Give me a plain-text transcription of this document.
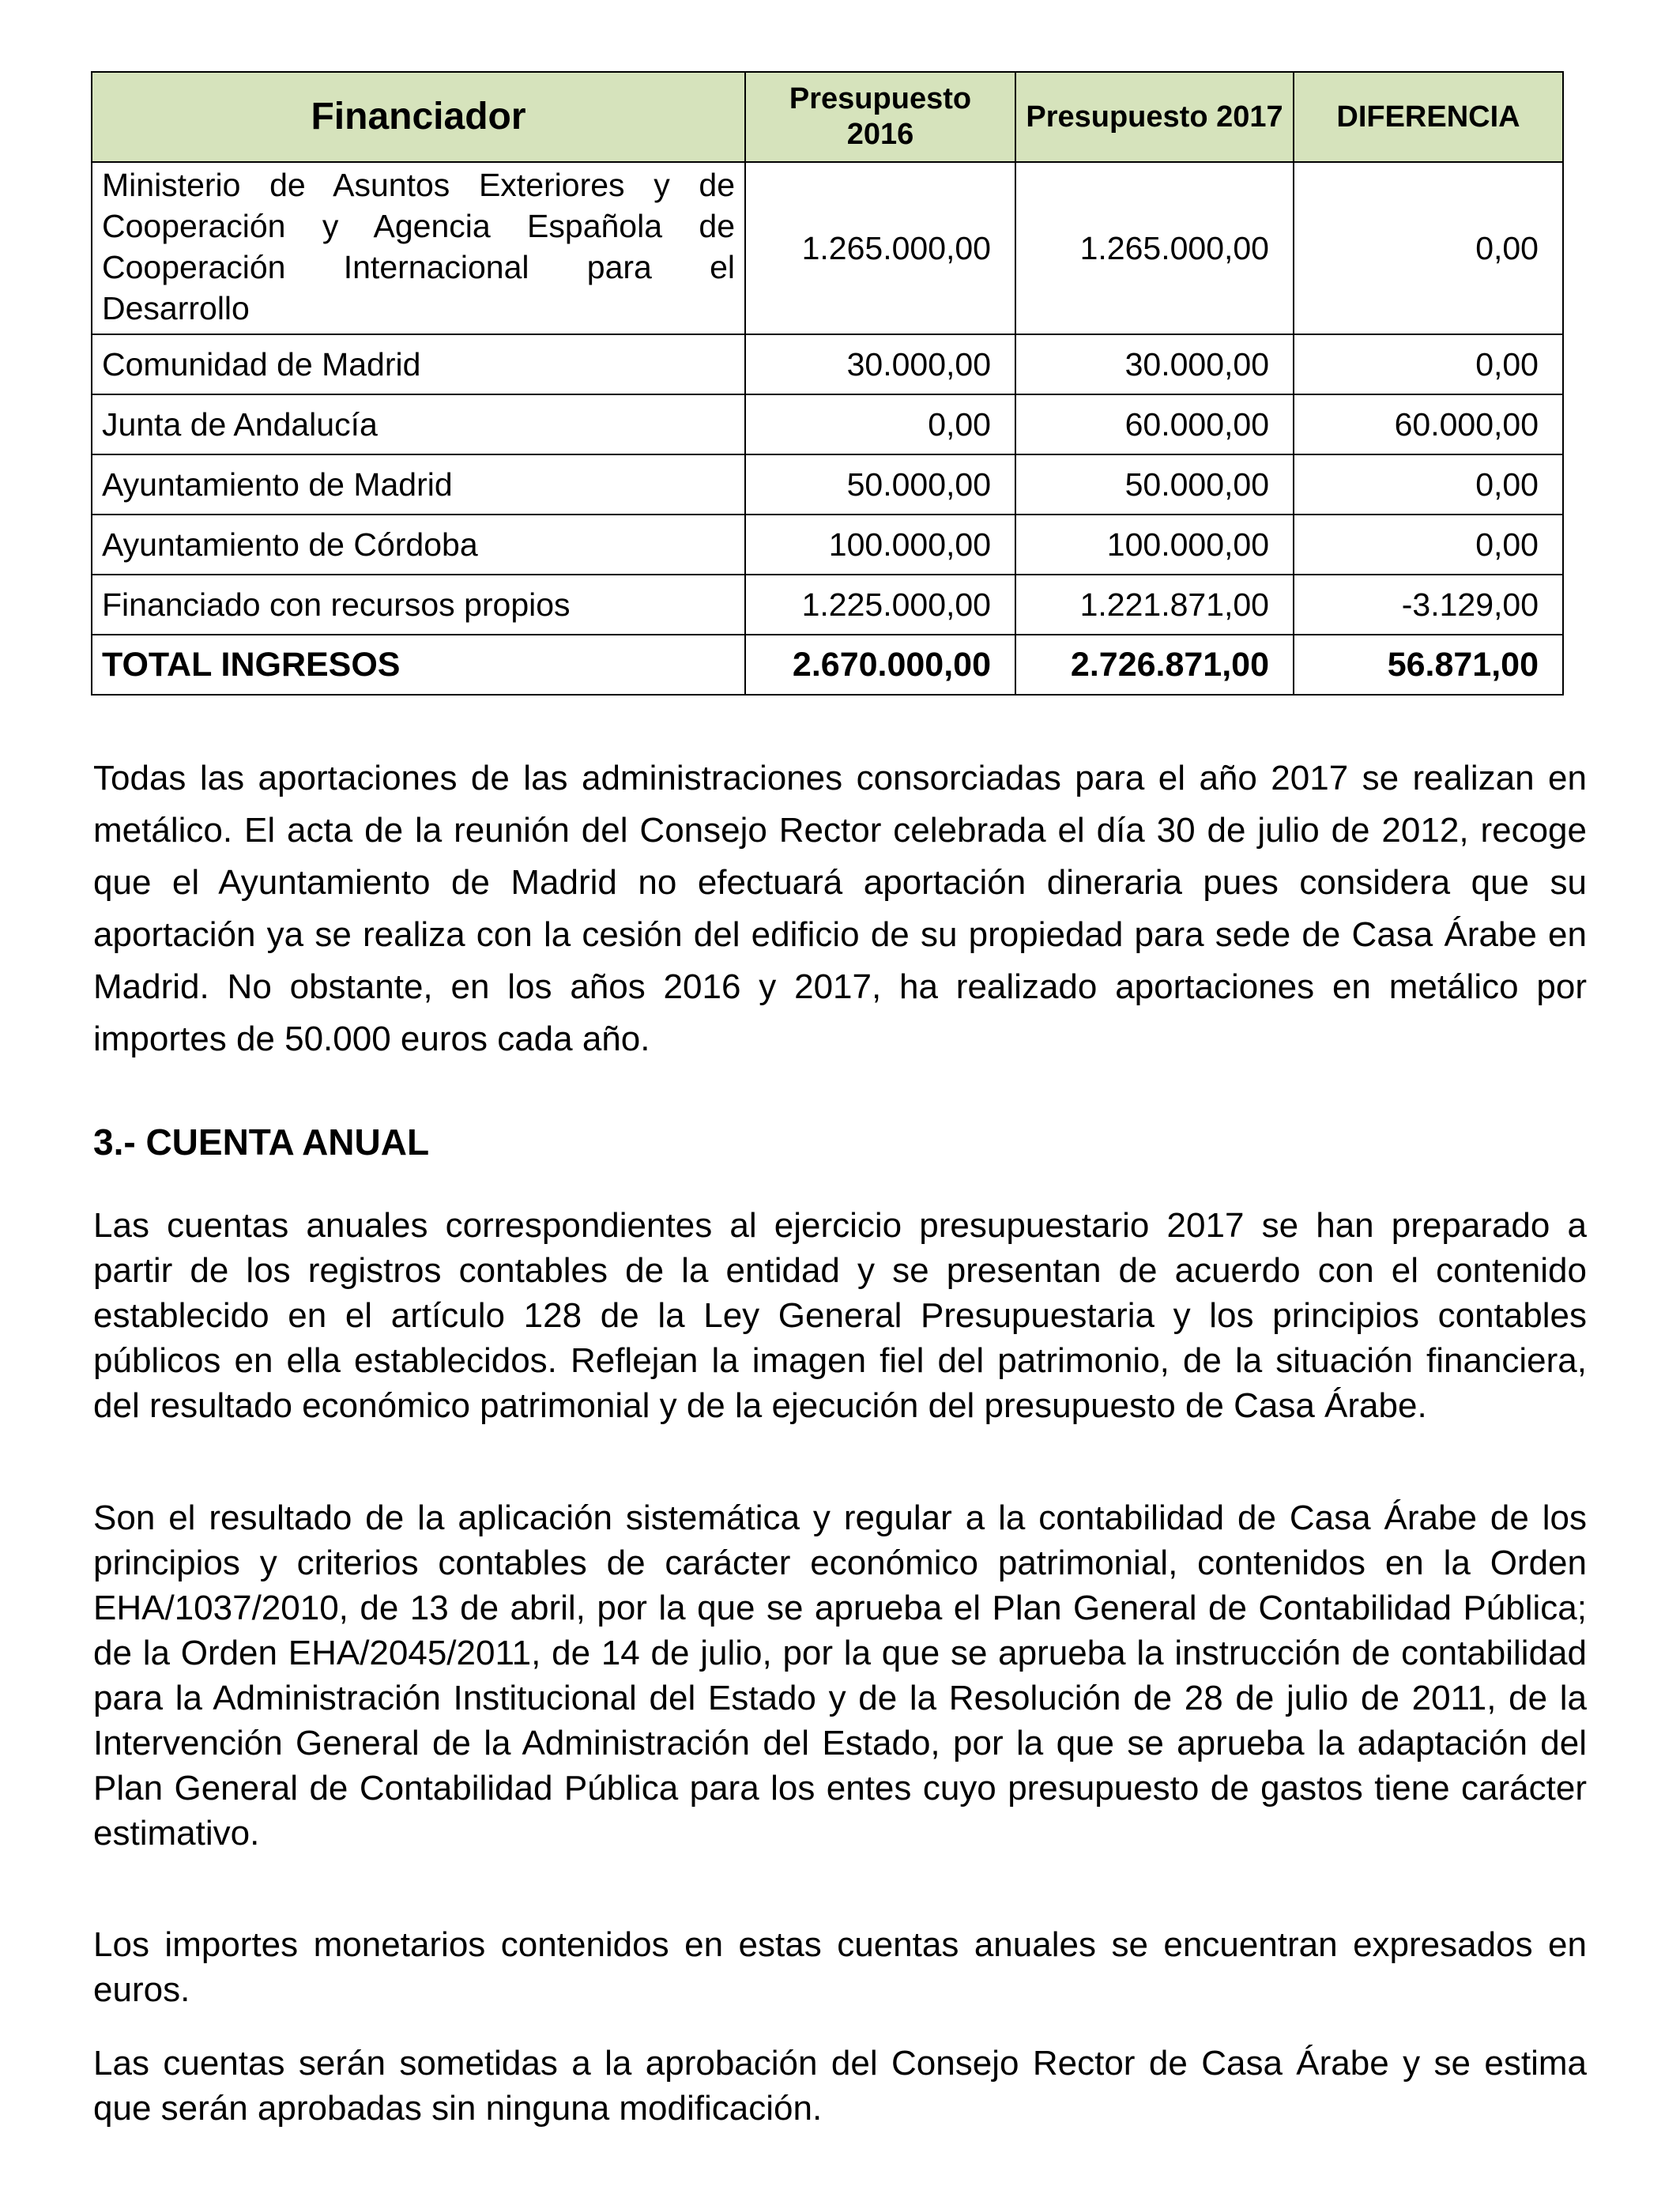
Financiador	Presupuesto 2016	Presupuesto 2017	DIFERENCIA
Ministerio de Asuntos Exteriores y de Cooperación y Agencia Española de Cooperación Internacional para el Desarrollo	1.265.000,00	1.265.000,00	0,00
Comunidad de Madrid	30.000,00	30.000,00	0,00
Junta de Andalucía	0,00	60.000,00	60.000,00
Ayuntamiento de Madrid	50.000,00	50.000,00	0,00
Ayuntamiento de Córdoba	100.000,00	100.000,00	0,00
Financiado con recursos propios	1.225.000,00	1.221.871,00	-3.129,00
TOTAL INGRESOS	2.670.000,00	2.726.871,00	56.871,00

Todas las aportaciones de las administraciones consorciadas para el año 2017 se realizan en metálico. El acta de la reunión del Consejo Rector celebrada el día 30 de julio de 2012, recoge que el Ayuntamiento de Madrid no efectuará aportación dineraria pues considera que su aportación ya se realiza con la cesión del edificio de su propiedad para sede de Casa Árabe en Madrid. No obstante, en los años 2016 y 2017, ha realizado aportaciones en metálico por importes de 50.000 euros cada año.

3.- CUENTA ANUAL

Las cuentas anuales correspondientes al ejercicio presupuestario 2017 se han preparado a partir de los registros contables de la entidad y se presentan de acuerdo con el contenido establecido en el artículo 128 de la Ley General Presupuestaria y los principios contables públicos en ella establecidos. Reflejan la imagen fiel del patrimonio, de la situación financiera, del resultado económico patrimonial y de la ejecución del presupuesto de Casa Árabe.

Son el resultado de la aplicación sistemática y regular a la contabilidad de Casa Árabe de los principios y criterios contables de carácter económico patrimonial, contenidos en la Orden EHA/1037/2010, de 13 de abril, por la que se aprueba el Plan General de Contabilidad Pública; de la Orden EHA/2045/2011, de 14 de julio, por la que se aprueba la instrucción de contabilidad para la Administración Institucional del Estado y de la Resolución de 28 de julio de 2011, de la Intervención General de la Administración del Estado, por la que se aprueba la adaptación del Plan General de Contabilidad Pública para los entes cuyo presupuesto de gastos tiene carácter estimativo.

Los importes monetarios contenidos en estas cuentas anuales se encuentran expresados en euros.

Las cuentas serán sometidas a la aprobación del Consejo Rector de Casa Árabe y se estima que serán aprobadas sin ninguna modificación.
